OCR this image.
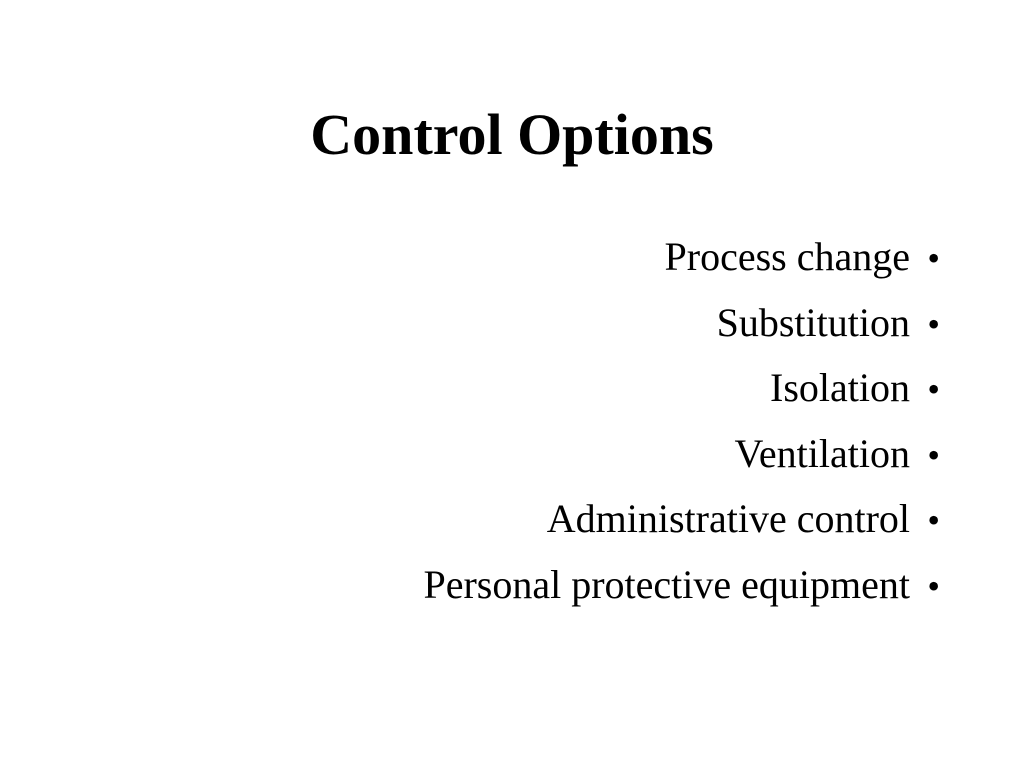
Control Options
Process change •
Substitution •
Isolation •
Ventilation •
Administrative control •
Personal protective equipment •
